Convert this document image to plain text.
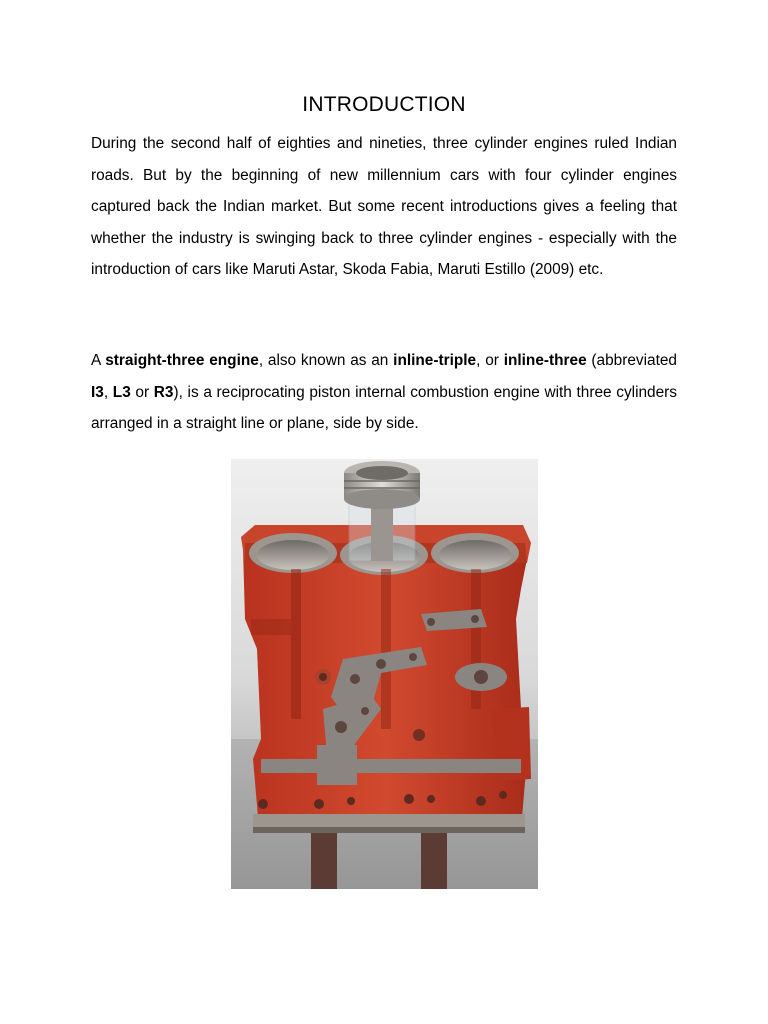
INTRODUCTION

During the second half of eighties and nineties, three cylinder engines ruled Indian roads. But by the beginning of new millennium cars with four cylinder engines captured back the Indian market. But some recent introductions gives a feeling that whether the industry is swinging back to three cylinder engines - especially with the introduction of cars like Maruti Astar, Skoda Fabia, Maruti Estillo (2009) etc.

A straight-three engine, also known as an inline-triple, or inline-three (abbreviated I3, L3 or R3), is a reciprocating piston internal combustion engine with three cylinders arranged in a straight line or plane, side by side.
